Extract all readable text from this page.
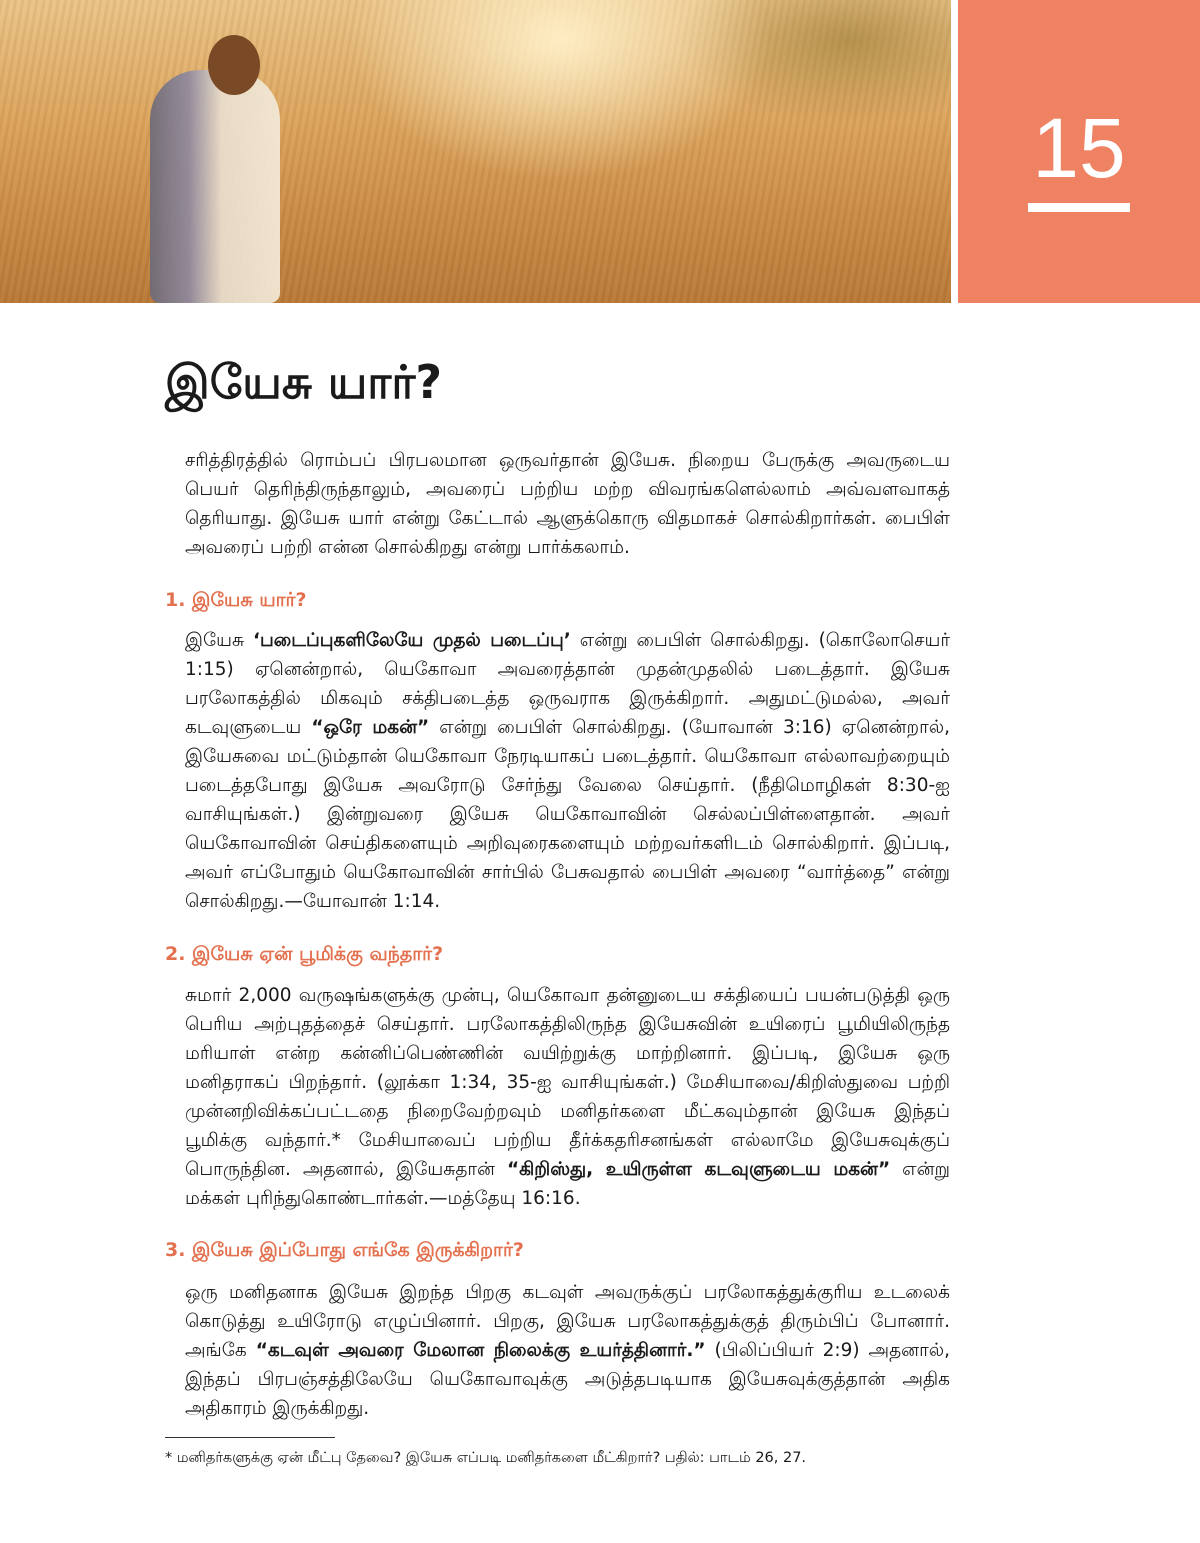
15
இயேசு யார்?

சரித்திரத்தில் ரொம்பப் பிரபலமான ஒருவர்தான் இயேசு. நிறைய பேருக்கு அவருடைய பெயர் தெரிந்திருந்தாலும், அவரைப் பற்றிய மற்ற விவரங்களெல்லாம் அவ்வளவாகத் தெரியாது. இயேசு யார் என்று கேட்டால் ஆளுக்கொரு விதமாகச் சொல்கிறார்கள். பைபிள் அவரைப் பற்றி என்ன சொல்கிறது என்று பார்க்கலாம்.

1. இயேசு யார்?

இயேசு ‘படைப்புகளிலேயே முதல் படைப்பு’ என்று பைபிள் சொல்கிறது. (கொலோசெயர் 1:15) ஏனென்றால், யெகோவா அவரைத்தான் முதன்முதலில் படைத்தார். இயேசு பரலோகத்தில் மிகவும் சக்திபடைத்த ஒருவராக இருக்கிறார். அதுமட்டுமல்ல, அவர் கடவுளுடைய “ஒரே மகன்” என்று பைபிள் சொல்கிறது. (யோவான் 3:16) ஏனென்றால், இயேசுவை மட்டும்தான் யெகோவா நேரடியாகப் படைத்தார். யெகோவா எல்லாவற்றையும் படைத்தபோது இயேசு அவரோடு சேர்ந்து வேலை செய்தார். (நீதிமொழிகள் 8:30-ஐ வாசியுங்கள்.) இன்றுவரை இயேசு யெகோவாவின் செல்லப்பிள்ளைதான். அவர் யெகோவாவின் செய்திகளையும் அறிவுரைகளையும் மற்றவர்களிடம் சொல்கிறார். இப்படி, அவர் எப்போதும் யெகோவாவின் சார்பில் பேசுவதால் பைபிள் அவரை “வார்த்தை” என்று சொல்கிறது.—யோவான் 1:14.

2. இயேசு ஏன் பூமிக்கு வந்தார்?

சுமார் 2,000 வருஷங்களுக்கு முன்பு, யெகோவா தன்னுடைய சக்தியைப் பயன்படுத்தி ஒரு பெரிய அற்புதத்தைச் செய்தார். பரலோகத்திலிருந்த இயேசுவின் உயிரைப் பூமியிலிருந்த மரியாள் என்ற கன்னிப்பெண்ணின் வயிற்றுக்கு மாற்றினார். இப்படி, இயேசு ஒரு மனிதராகப் பிறந்தார். (லூக்கா 1:34, 35-ஐ வாசியுங்கள்.) மேசியாவை/கிறிஸ்துவை பற்றி முன்னறிவிக்கப்பட்டதை நிறைவேற்றவும் மனிதர்களை மீட்கவும்தான் இயேசு இந்தப் பூமிக்கு வந்தார்.* மேசியாவைப் பற்றிய தீர்க்கதரிசனங்கள் எல்லாமே இயேசுவுக்குப் பொருந்தின. அதனால், இயேசுதான் “கிறிஸ்து, உயிருள்ள கடவுளுடைய மகன்” என்று மக்கள் புரிந்துகொண்டார்கள்.—மத்தேயு 16:16.

3. இயேசு இப்போது எங்கே இருக்கிறார்?

ஒரு மனிதனாக இயேசு இறந்த பிறகு கடவுள் அவருக்குப் பரலோகத்துக்குரிய உடலைக் கொடுத்து உயிரோடு எழுப்பினார். பிறகு, இயேசு பரலோகத்துக்குத் திரும்பிப் போனார். அங்கே “கடவுள் அவரை மேலான நிலைக்கு உயர்த்தினார்.” (பிலிப்பியர் 2:9) அதனால், இந்தப் பிரபஞ்சத்திலேயே யெகோவாவுக்கு அடுத்தபடியாக இயேசுவுக்குத்தான் அதிக அதிகாரம் இருக்கிறது.

* மனிதர்களுக்கு ஏன் மீட்பு தேவை? இயேசு எப்படி மனிதர்களை மீட்கிறார்? பதில்: பாடம் 26, 27.
